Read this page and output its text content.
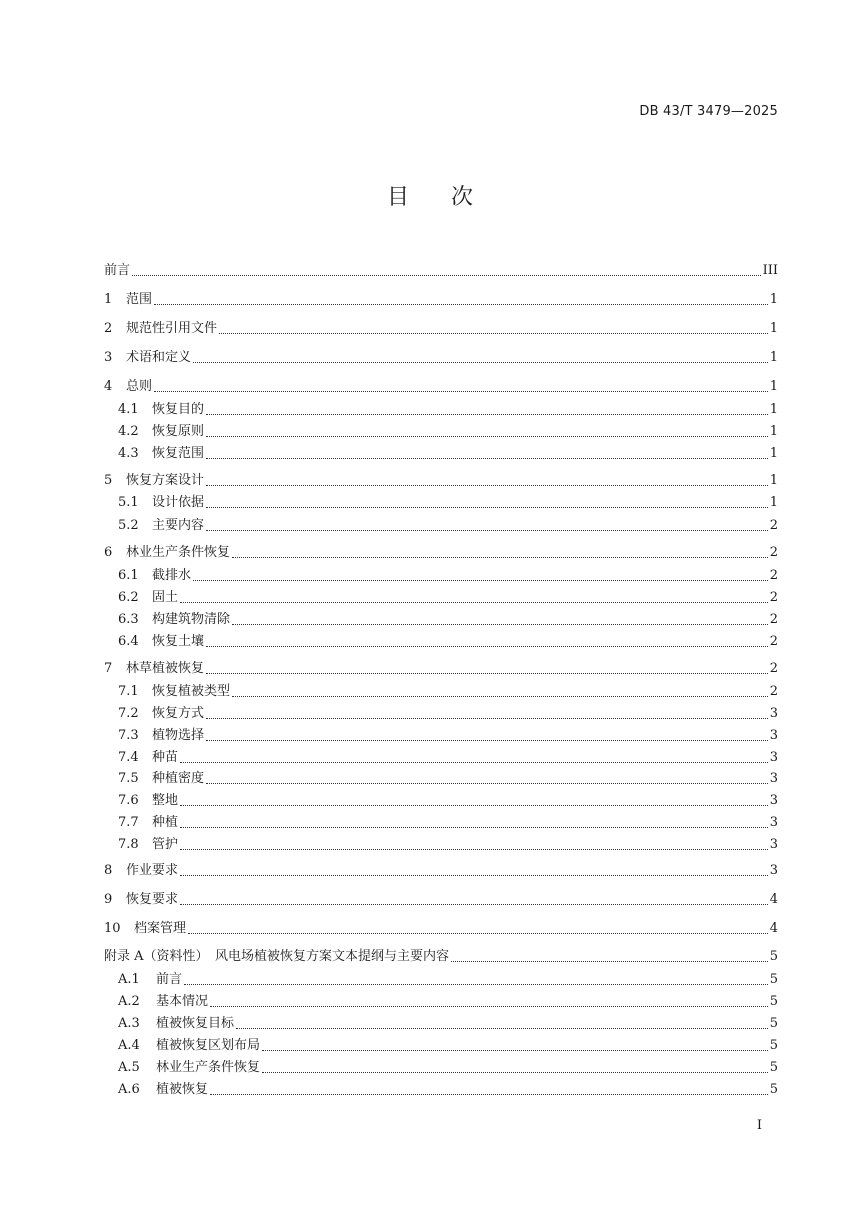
DB 43/T 3479—2025
目 次
前言	III
1	范围	1
2	规范性引用文件	1
3	术语和定义	1
4	总则	1
4.1	恢复目的	1
4.2	恢复原则	1
4.3	恢复范围	1
5	恢复方案设计	1
5.1	设计依据	1
5.2	主要内容	2
6	林业生产条件恢复	2
6.1	截排水	2
6.2	固土	2
6.3	构建筑物清除	2
6.4	恢复土壤	2
7	林草植被恢复	2
7.1	恢复植被类型	2
7.2	恢复方式	3
7.3	植物选择	3
7.4	种苗	3
7.5	种植密度	3
7.6	整地	3
7.7	种植	3
7.8	管护	3
8	作业要求	3
9	恢复要求	4
10	档案管理	4
附录 A（资料性）　风电场植被恢复方案文本提纲与主要内容	5
A.1	前言	5
A.2	基本情况	5
A.3	植被恢复目标	5
A.4	植被恢复区划布局	5
A.5	林业生产条件恢复	5
A.6	植被恢复	5
I
